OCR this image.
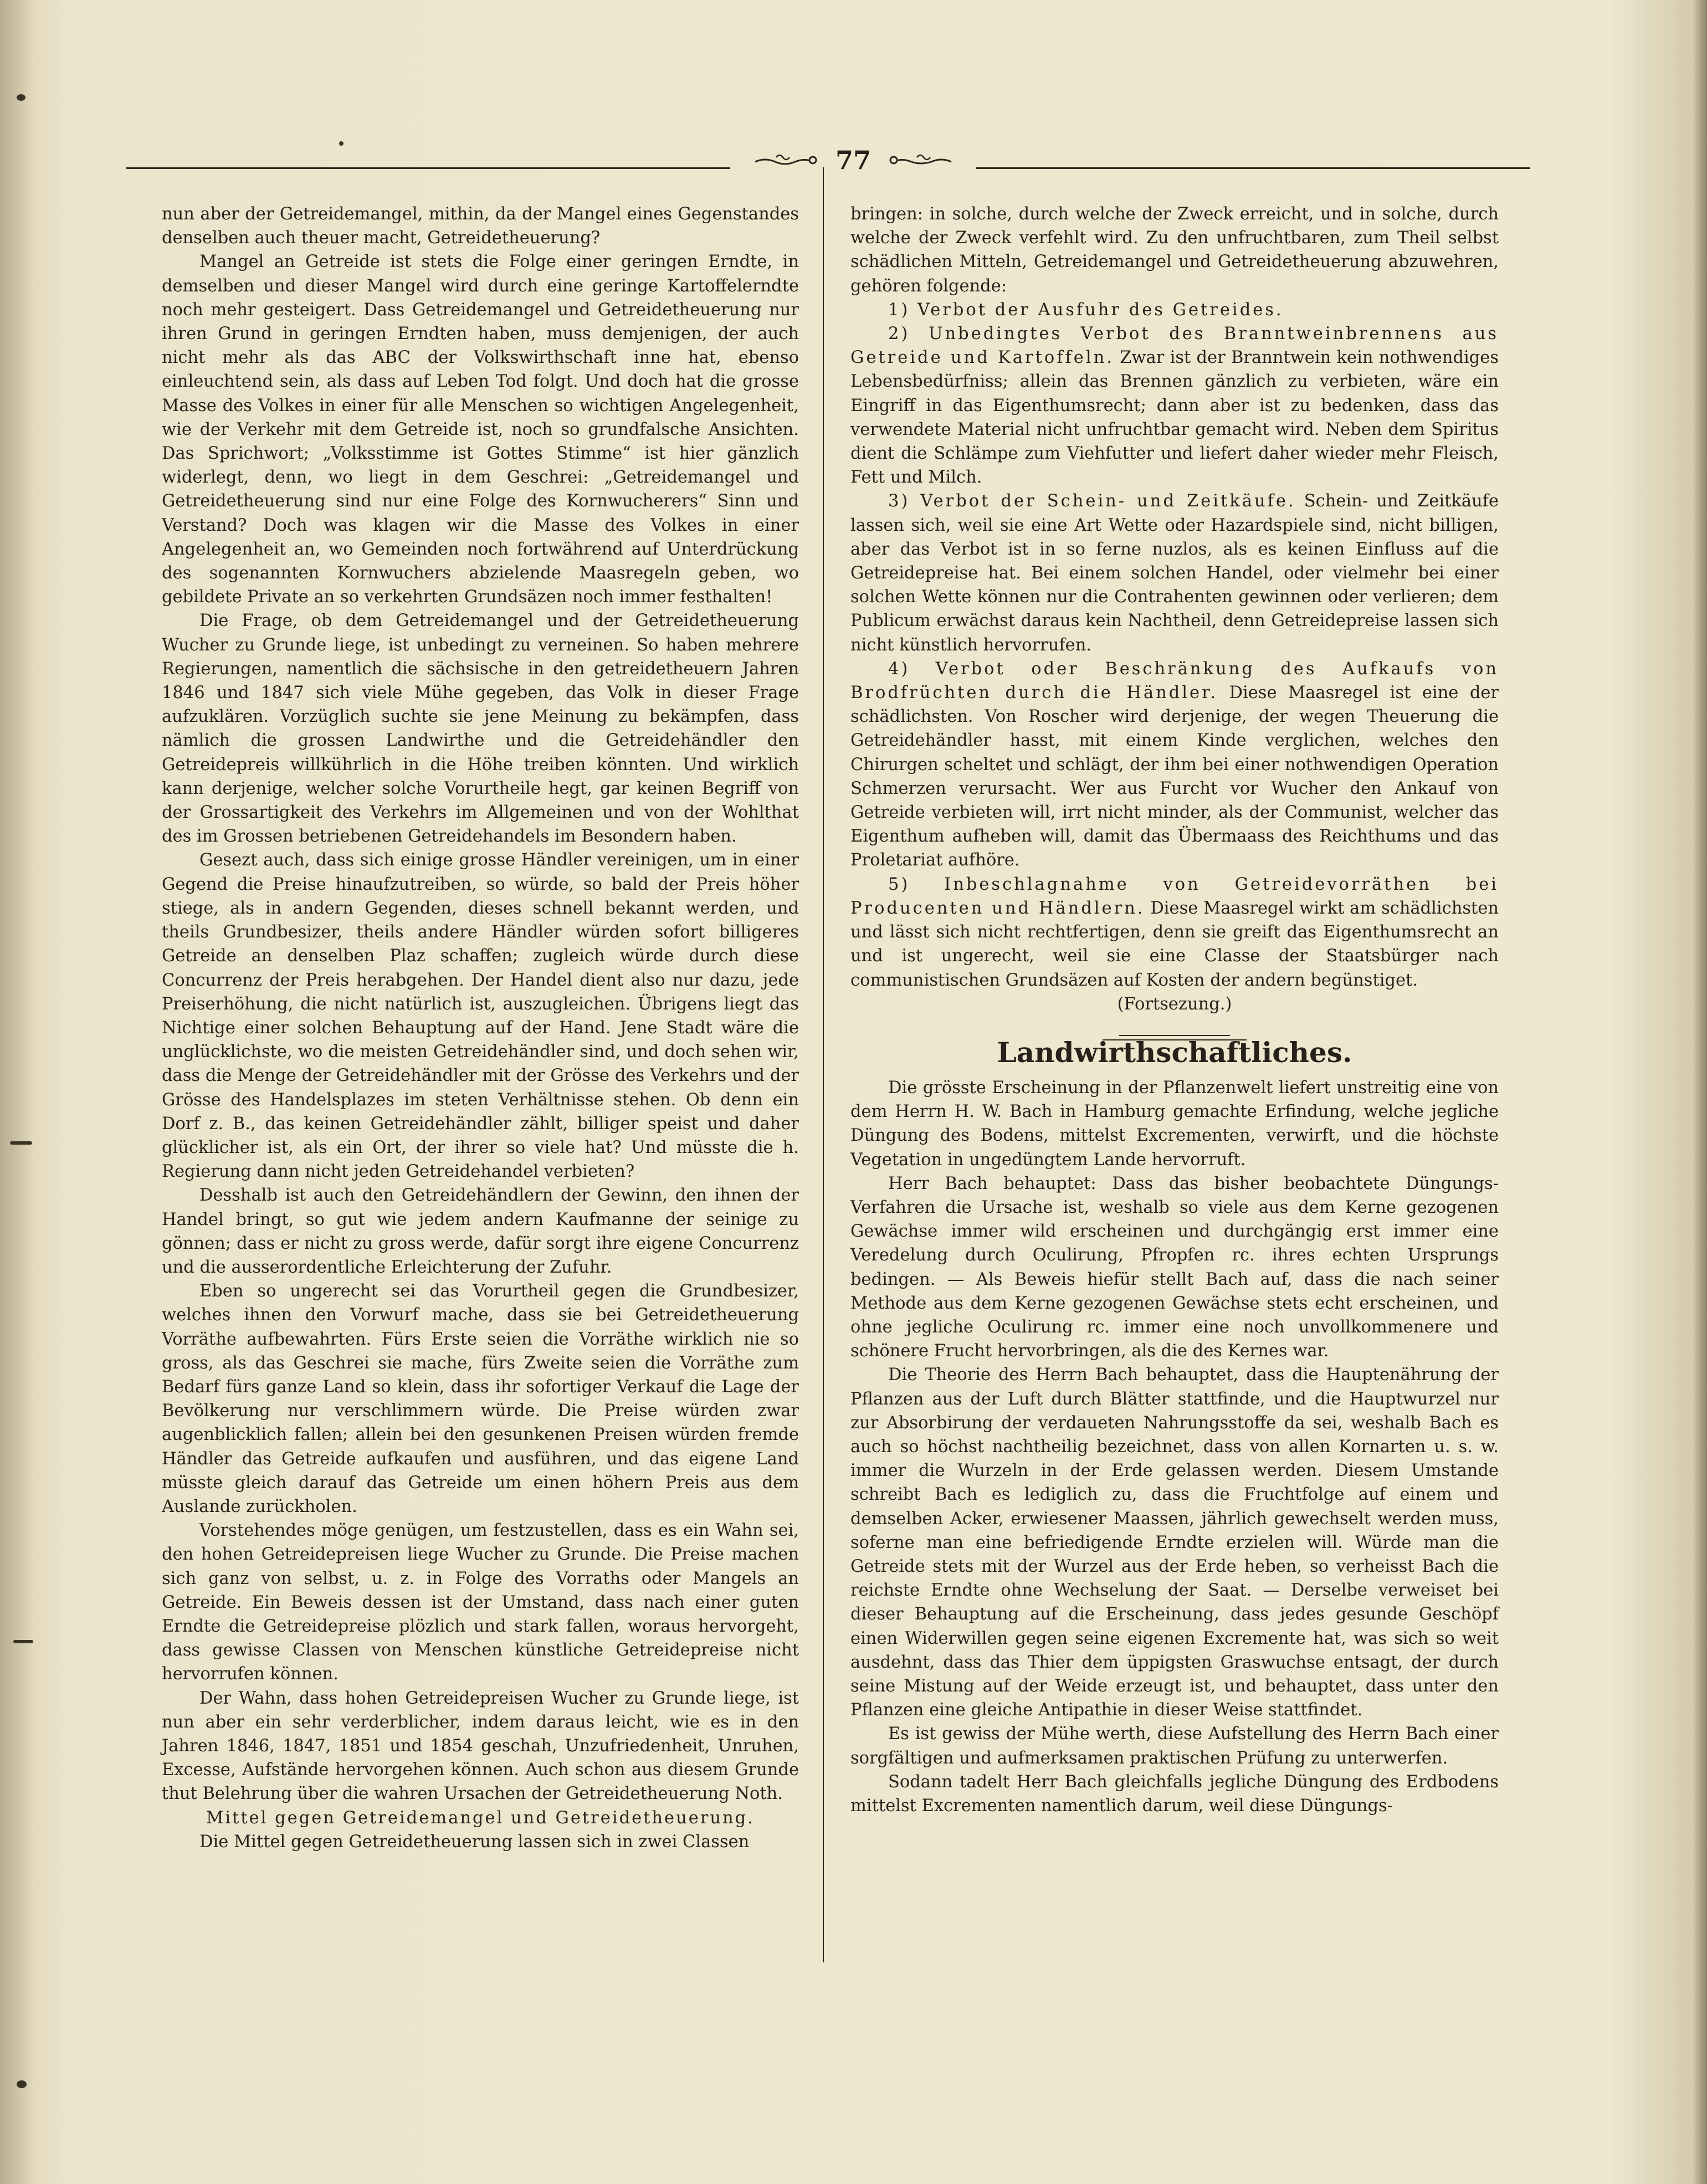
77

nun aber der Getreidemangel, mithin, da der Mangel eines Gegenstandes denselben auch theuer macht, Getreidetheuerung?

Mangel an Getreide ist stets die Folge einer geringen Erndte, in demselben und dieser Mangel wird durch eine geringe Kartoffelerndte noch mehr gesteigert. Dass Getreidemangel und Getreidetheuerung nur ihren Grund in geringen Erndten haben, muss demjenigen, der auch nicht mehr als das ABC der Volkswirthschaft inne hat, ebenso einleuchtend sein, als dass auf Leben Tod folgt. Und doch hat die grosse Masse des Volkes in einer für alle Menschen so wichtigen Angelegenheit, wie der Verkehr mit dem Getreide ist, noch so grundfalsche Ansichten. Das Sprichwort; „Volksstimme ist Gottes Stimme“ ist hier gänzlich widerlegt, denn, wo liegt in dem Geschrei: „Getreidemangel und Getreidetheuerung sind nur eine Folge des Kornwucherers“ Sinn und Verstand? Doch was klagen wir die Masse des Volkes in einer Angelegenheit an, wo Gemeinden noch fortwährend auf Unterdrückung des sogenannten Kornwuchers abzielende Maasregeln geben, wo gebildete Private an so verkehrten Grundsäzen noch immer festhalten!

Die Frage, ob dem Getreidemangel und der Getreidetheuerung Wucher zu Grunde liege, ist unbedingt zu verneinen. So haben mehrere Regierungen, namentlich die sächsische in den getreidetheuern Jahren 1846 und 1847 sich viele Mühe gegeben, das Volk in dieser Frage aufzuklären. Vorzüglich suchte sie jene Meinung zu bekämpfen, dass nämlich die grossen Landwirthe und die Getreidehändler den Getreidepreis willkührlich in die Höhe treiben könnten. Und wirklich kann derjenige, welcher solche Vorurtheile hegt, gar keinen Begriff von der Grossartigkeit des Verkehrs im Allgemeinen und von der Wohlthat des im Grossen betriebenen Getreidehandels im Besondern haben.

Gesezt auch, dass sich einige grosse Händler vereinigen, um in einer Gegend die Preise hinaufzutreiben, so würde, so bald der Preis höher stiege, als in andern Gegenden, dieses schnell bekannt werden, und theils Grundbesizer, theils andere Händler würden sofort billigeres Getreide an denselben Plaz schaffen; zugleich würde durch diese Concurrenz der Preis herabgehen. Der Handel dient also nur dazu, jede Preiserhöhung, die nicht natürlich ist, auszugleichen. Übrigens liegt das Nichtige einer solchen Behauptung auf der Hand. Jene Stadt wäre die unglücklichste, wo die meisten Getreidehändler sind, und doch sehen wir, dass die Menge der Getreidehändler mit der Grösse des Verkehrs und der Grösse des Handelsplazes im steten Verhältnisse stehen. Ob denn ein Dorf z. B., das keinen Getreidehändler zählt, billiger speist und daher glücklicher ist, als ein Ort, der ihrer so viele hat? Und müsste die h. Regierung dann nicht jeden Getreidehandel verbieten?

Desshalb ist auch den Getreidehändlern der Gewinn, den ihnen der Handel bringt, so gut wie jedem andern Kaufmanne der seinige zu gönnen; dass er nicht zu gross werde, dafür sorgt ihre eigene Concurrenz und die ausserordentliche Erleichterung der Zufuhr.

Eben so ungerecht sei das Vorurtheil gegen die Grundbesizer, welches ihnen den Vorwurf mache, dass sie bei Getreidetheuerung Vorräthe aufbewahrten. Fürs Erste seien die Vorräthe wirklich nie so gross, als das Geschrei sie mache, fürs Zweite seien die Vorräthe zum Bedarf fürs ganze Land so klein, dass ihr sofortiger Verkauf die Lage der Bevölkerung nur verschlimmern würde. Die Preise würden zwar augenblicklich fallen; allein bei den gesunkenen Preisen würden fremde Händler das Getreide aufkaufen und ausführen, und das eigene Land müsste gleich darauf das Getreide um einen höhern Preis aus dem Auslande zurückholen.

Vorstehendes möge genügen, um festzustellen, dass es ein Wahn sei, den hohen Getreidepreisen liege Wucher zu Grunde. Die Preise machen sich ganz von selbst, u. z. in Folge des Vorraths oder Mangels an Getreide. Ein Beweis dessen ist der Umstand, dass nach einer guten Erndte die Getreidepreise plözlich und stark fallen, woraus hervorgeht, dass gewisse Classen von Menschen künstliche Getreidepreise nicht hervorrufen können.

Der Wahn, dass hohen Getreidepreisen Wucher zu Grunde liege, ist nun aber ein sehr verderblicher, indem daraus leicht, wie es in den Jahren 1846, 1847, 1851 und 1854 geschah, Unzufriedenheit, Unruhen, Excesse, Aufstände hervorgehen können. Auch schon aus diesem Grunde thut Belehrung über die wahren Ursachen der Getreidetheuerung Noth.

Mittel gegen Getreidemangel und Getreidetheuerung.

Die Mittel gegen Getreidetheuerung lassen sich in zwei Classen

bringen: in solche, durch welche der Zweck erreicht, und in solche, durch welche der Zweck verfehlt wird. Zu den unfruchtbaren, zum Theil selbst schädlichen Mitteln, Getreidemangel und Getreidetheuerung abzuwehren, gehören folgende:

1) Verbot der Ausfuhr des Getreides.

2) Unbedingtes Verbot des Branntweinbrennens aus Getreide und Kartoffeln. Zwar ist der Branntwein kein nothwendiges Lebensbedürfniss; allein das Brennen gänzlich zu verbieten, wäre ein Eingriff in das Eigenthumsrecht; dann aber ist zu bedenken, dass das verwendete Material nicht unfruchtbar gemacht wird. Neben dem Spiritus dient die Schlämpe zum Viehfutter und liefert daher wieder mehr Fleisch, Fett und Milch.

3) Verbot der Schein- und Zeitkäufe. Schein- und Zeitkäufe lassen sich, weil sie eine Art Wette oder Hazardspiele sind, nicht billigen, aber das Verbot ist in so ferne nuzlos, als es keinen Einfluss auf die Getreidepreise hat. Bei einem solchen Handel, oder vielmehr bei einer solchen Wette können nur die Contrahenten gewinnen oder verlieren; dem Publicum erwächst daraus kein Nachtheil, denn Getreidepreise lassen sich nicht künstlich hervorrufen.

4) Verbot oder Beschränkung des Aufkaufs von Brodfrüchten durch die Händler. Diese Maasregel ist eine der schädlichsten. Von Roscher wird derjenige, der wegen Theuerung die Getreidehändler hasst, mit einem Kinde verglichen, welches den Chirurgen scheltet und schlägt, der ihm bei einer nothwendigen Operation Schmerzen verursacht. Wer aus Furcht vor Wucher den Ankauf von Getreide verbieten will, irrt nicht minder, als der Communist, welcher das Eigenthum aufheben will, damit das Übermaass des Reichthums und das Proletariat aufhöre.

5) Inbeschlagnahme von Getreidevorräthen bei Producenten und Händlern. Diese Maasregel wirkt am schädlichsten und lässt sich nicht rechtfertigen, denn sie greift das Eigenthumsrecht an und ist ungerecht, weil sie eine Classe der Staatsbürger nach communistischen Grundsäzen auf Kosten der andern begünstiget.

(Fortsezung.)

Landwirthschaftliches.

Die grösste Erscheinung in der Pflanzenwelt liefert unstreitig eine von dem Herrn H. W. Bach in Hamburg gemachte Erfindung, welche jegliche Düngung des Bodens, mittelst Excrementen, verwirft, und die höchste Vegetation in ungedüngtem Lande hervorruft.

Herr Bach behauptet: Dass das bisher beobachtete Düngungs-Verfahren die Ursache ist, weshalb so viele aus dem Kerne gezogenen Gewächse immer wild erscheinen und durchgängig erst immer eine Veredelung durch Oculirung, Pfropfen rc. ihres echten Ursprungs bedingen. — Als Beweis hiefür stellt Bach auf, dass die nach seiner Methode aus dem Kerne gezogenen Gewächse stets echt erscheinen, und ohne jegliche Oculirung rc. immer eine noch unvollkommenere und schönere Frucht hervorbringen, als die des Kernes war.

Die Theorie des Herrn Bach behauptet, dass die Hauptenährung der Pflanzen aus der Luft durch Blätter stattfinde, und die Hauptwurzel nur zur Absorbirung der verdaueten Nahrungsstoffe da sei, weshalb Bach es auch so höchst nachtheilig bezeichnet, dass von allen Kornarten u. s. w. immer die Wurzeln in der Erde gelassen werden. Diesem Umstande schreibt Bach es lediglich zu, dass die Fruchtfolge auf einem und demselben Acker, erwiesener Maassen, jährlich gewechselt werden muss, soferne man eine befriedigende Erndte erzielen will. Würde man die Getreide stets mit der Wurzel aus der Erde heben, so verheisst Bach die reichste Erndte ohne Wechselung der Saat. — Derselbe verweiset bei dieser Behauptung auf die Erscheinung, dass jedes gesunde Geschöpf einen Widerwillen gegen seine eigenen Excremente hat, was sich so weit ausdehnt, dass das Thier dem üppigsten Graswuchse entsagt, der durch seine Mistung auf der Weide erzeugt ist, und behauptet, dass unter den Pflanzen eine gleiche Antipathie in dieser Weise stattfindet.

Es ist gewiss der Mühe werth, diese Aufstellung des Herrn Bach einer sorgfältigen und aufmerksamen praktischen Prüfung zu unterwerfen.

Sodann tadelt Herr Bach gleichfalls jegliche Düngung des Erdbodens mittelst Excrementen namentlich darum, weil diese Düngungs-
